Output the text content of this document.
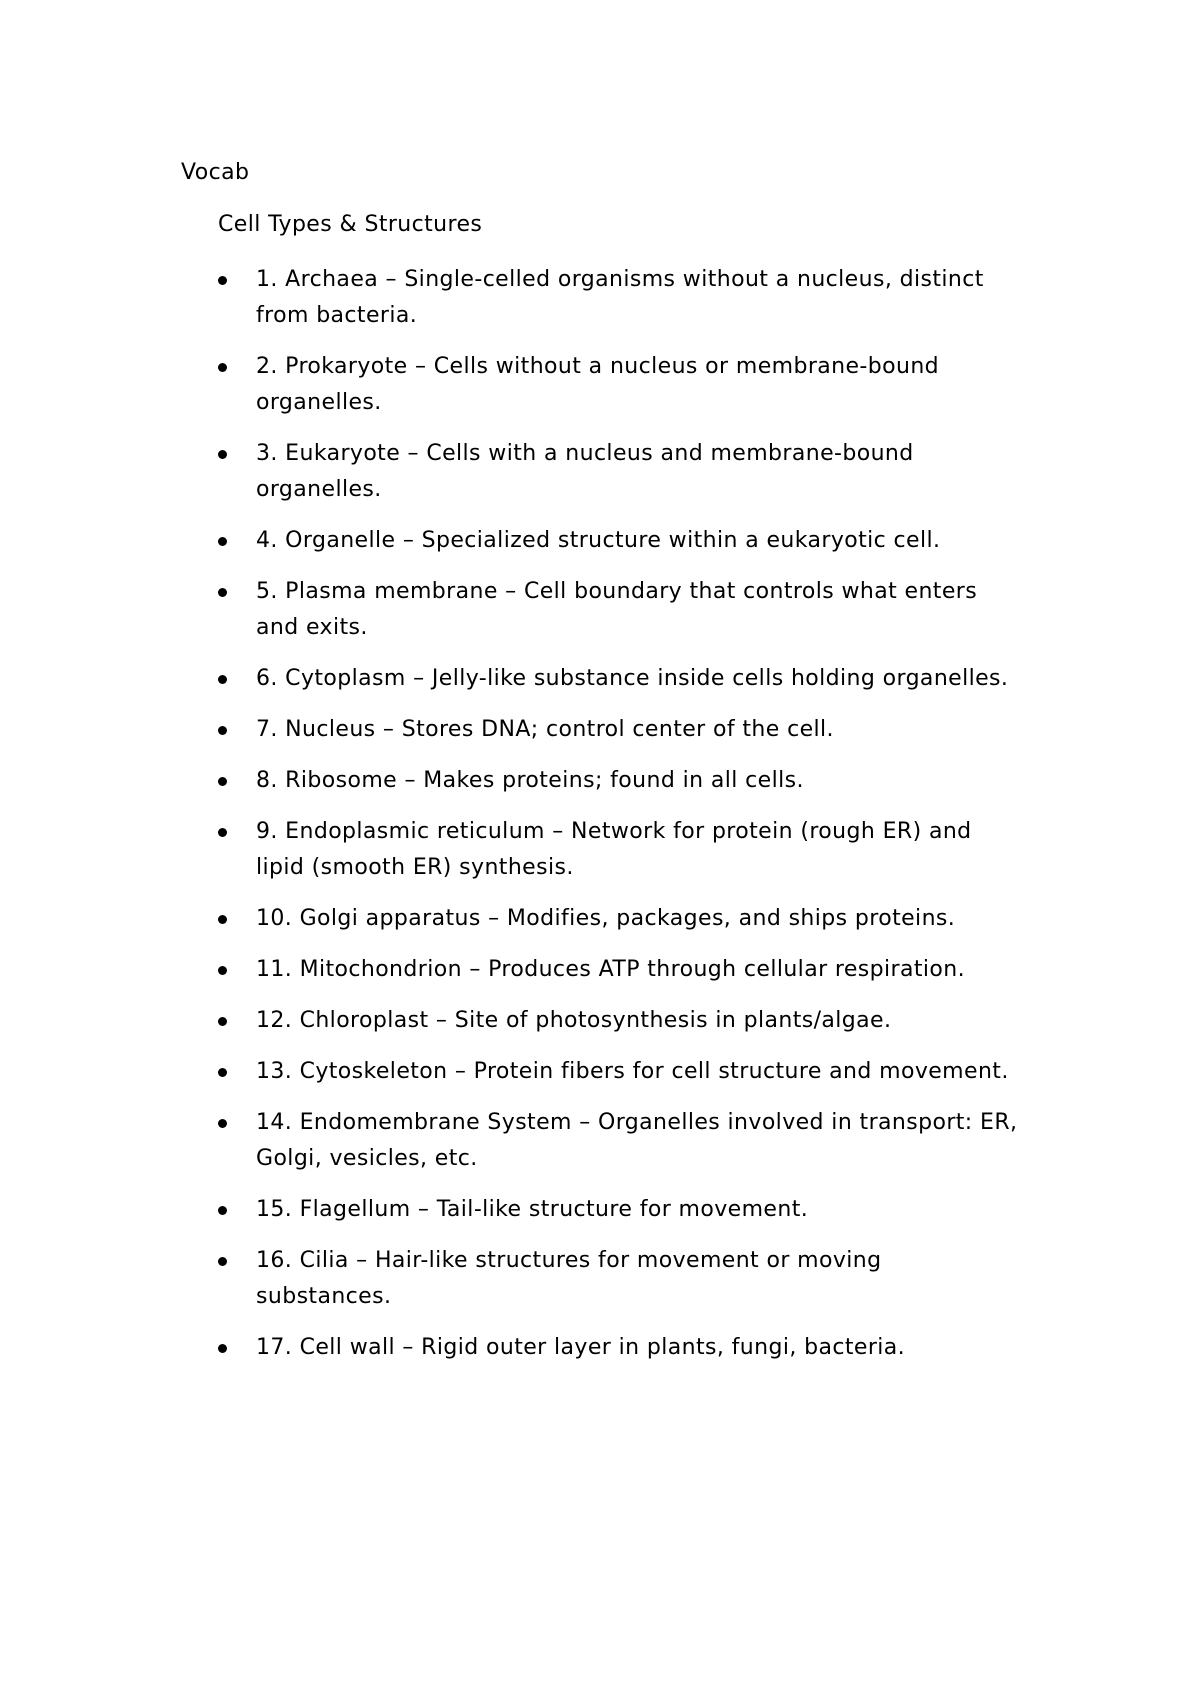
Vocab
Cell Types & Structures
1. Archaea – Single-celled organisms without a nucleus, distinct from bacteria.
2. Prokaryote – Cells without a nucleus or membrane-bound organelles.
3. Eukaryote – Cells with a nucleus and membrane-bound organelles.
4. Organelle – Specialized structure within a eukaryotic cell.
5. Plasma membrane – Cell boundary that controls what enters and exits.
6. Cytoplasm – Jelly-like substance inside cells holding organelles.
7. Nucleus – Stores DNA; control center of the cell.
8. Ribosome – Makes proteins; found in all cells.
9. Endoplasmic reticulum – Network for protein (rough ER) and lipid (smooth ER) synthesis.
10. Golgi apparatus – Modifies, packages, and ships proteins.
11. Mitochondrion – Produces ATP through cellular respiration.
12. Chloroplast – Site of photosynthesis in plants/algae.
13. Cytoskeleton – Protein fibers for cell structure and movement.
14. Endomembrane System – Organelles involved in transport: ER, Golgi, vesicles, etc.
15. Flagellum – Tail-like structure for movement.
16. Cilia – Hair-like structures for movement or moving substances.
17. Cell wall – Rigid outer layer in plants, fungi, bacteria.
